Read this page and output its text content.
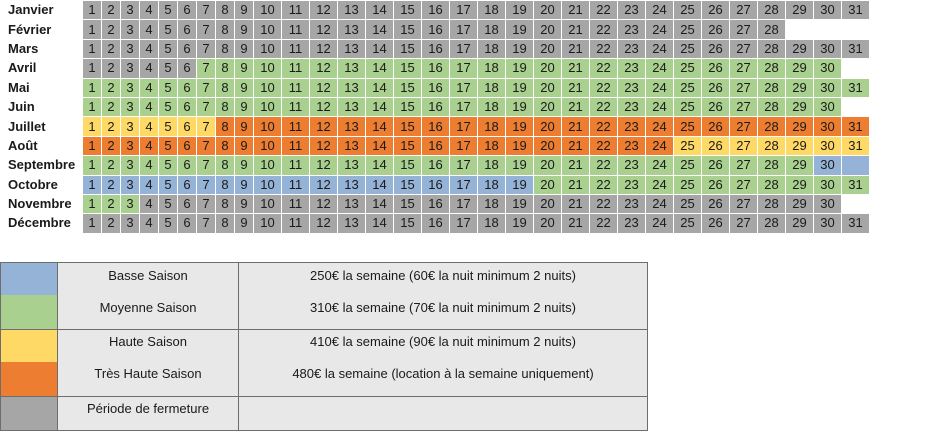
Janvier	1	2	3	4	5	6	7	8	9	10	11	12	13	14	15	16	17	18	19	20	21	22	23	24	25	26	27	28	29	30	31
Février	1	2	3	4	5	6	7	8	9	10	11	12	13	14	15	16	17	18	19	20	21	22	23	24	25	26	27	28			
Mars	1	2	3	4	5	6	7	8	9	10	11	12	13	14	15	16	17	18	19	20	21	22	23	24	25	26	27	28	29	30	31
Avril	1	2	3	4	5	6	7	8	9	10	11	12	13	14	15	16	17	18	19	20	21	22	23	24	25	26	27	28	29	30	
Mai	1	2	3	4	5	6	7	8	9	10	11	12	13	14	15	16	17	18	19	20	21	22	23	24	25	26	27	28	29	30	31
Juin	1	2	3	4	5	6	7	8	9	10	11	12	13	14	15	16	17	18	19	20	21	22	23	24	25	26	27	28	29	30	
Juillet	1	2	3	4	5	6	7	8	9	10	11	12	13	14	15	16	17	18	19	20	21	22	23	24	25	26	27	28	29	30	31
Août	1	2	3	4	5	6	7	8	9	10	11	12	13	14	15	16	17	18	19	20	21	22	23	24	25	26	27	28	29	30	31
Septembre	1	2	3	4	5	6	7	8	9	10	11	12	13	14	15	16	17	18	19	20	21	22	23	24	25	26	27	28	29	30	
Octobre	1	2	3	4	5	6	7	8	9	10	11	12	13	14	15	16	17	18	19	20	21	22	23	24	25	26	27	28	29	30	31
Novembre	1	2	3	4	5	6	7	8	9	10	11	12	13	14	15	16	17	18	19	20	21	22	23	24	25	26	27	28	29	30	
Décembre	1	2	3	4	5	6	7	8	9	10	11	12	13	14	15	16	17	18	19	20	21	22	23	24	25	26	27	28	29	30	31
Basse Saison	250€ la semaine (60€ la nuit minimum 2 nuits)
Moyenne Saison	310€ la semaine (70€ la nuit minimum 2 nuits)
Haute Saison	410€ la semaine (90€ la nuit minimum 2 nuits)
Très Haute Saison	480€ la semaine (location à la semaine uniquement)
Période de fermeture
